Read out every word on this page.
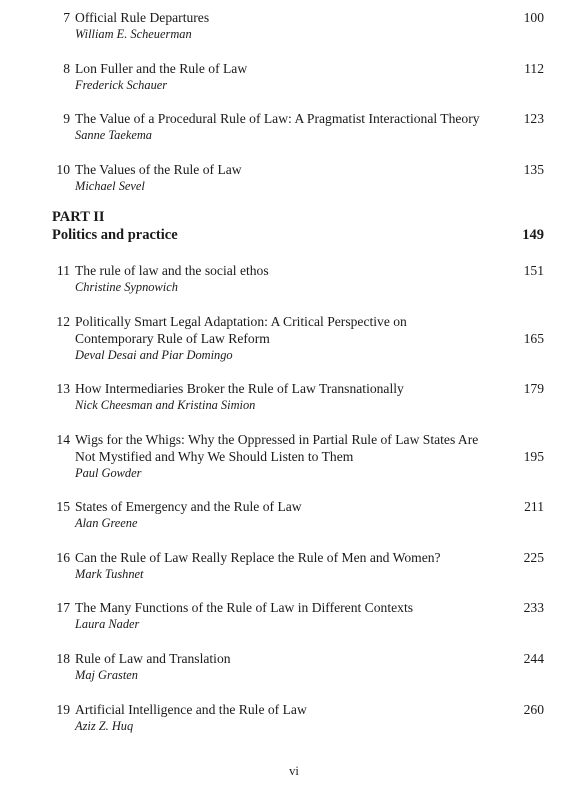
7 Official Rule Departures
William E. Scheuerman
100
8 Lon Fuller and the Rule of Law
Frederick Schauer
112
9 The Value of a Procedural Rule of Law: A Pragmatist Interactional Theory
Sanne Taekema
123
10 The Values of the Rule of Law
Michael Sevel
135
PART II
Politics and practice	149
11 The rule of law and the social ethos
Christine Sypnowich
151
12 Politically Smart Legal Adaptation: A Critical Perspective on
Contemporary Rule of Law Reform
Deval Desai and Piar Domingo
165
13 How Intermediaries Broker the Rule of Law Transnationally
Nick Cheesman and Kristina Simion
179
14 Wigs for the Whigs: Why the Oppressed in Partial Rule of Law States Are
Not Mystified and Why We Should Listen to Them
Paul Gowder
195
15 States of Emergency and the Rule of Law
Alan Greene
211
16 Can the Rule of Law Really Replace the Rule of Men and Women?
Mark Tushnet
225
17 The Many Functions of the Rule of Law in Different Contexts
Laura Nader
233
18 Rule of Law and Translation
Maj Grasten
244
19 Artificial Intelligence and the Rule of Law
Aziz Z. Huq
260
vi
